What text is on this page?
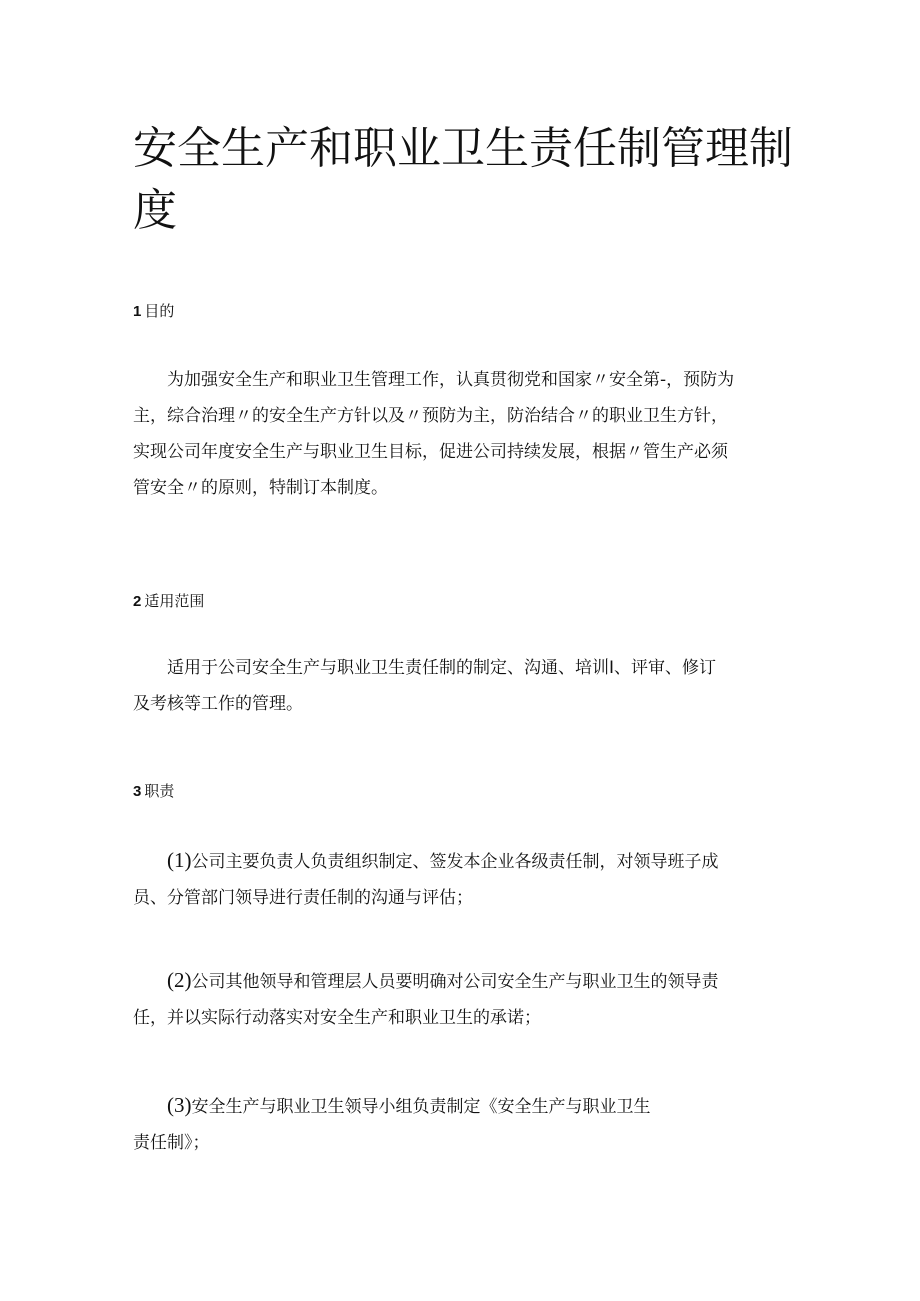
安全生产和职业卫生责任制管理制
度
1 目的
为加强安全生产和职业卫生管理工作，认真贯彻党和国家〃安全第-，预防为
主，综合治理〃的安全生产方针以及〃预防为主，防治结合〃的职业卫生方针，
实现公司年度安全生产与职业卫生目标，促进公司持续发展，根据〃管生产必须
管安全〃的原则，特制订本制度。
2 适用范围
适用于公司安全生产与职业卫生责任制的制定、沟通、培训I、评审、修订
及考核等工作的管理。
3 职责
(1)公司主要负责人负责组织制定、签发本企业各级责任制，对领导班子成
员、分管部门领导进行责任制的沟通与评估；
(2)公司其他领导和管理层人员要明确对公司安全生产与职业卫生的领导责
任，并以实际行动落实对安全生产和职业卫生的承诺；
(3)安全生产与职业卫生领导小组负责制定《安全生产与职业卫生
责任制》；
